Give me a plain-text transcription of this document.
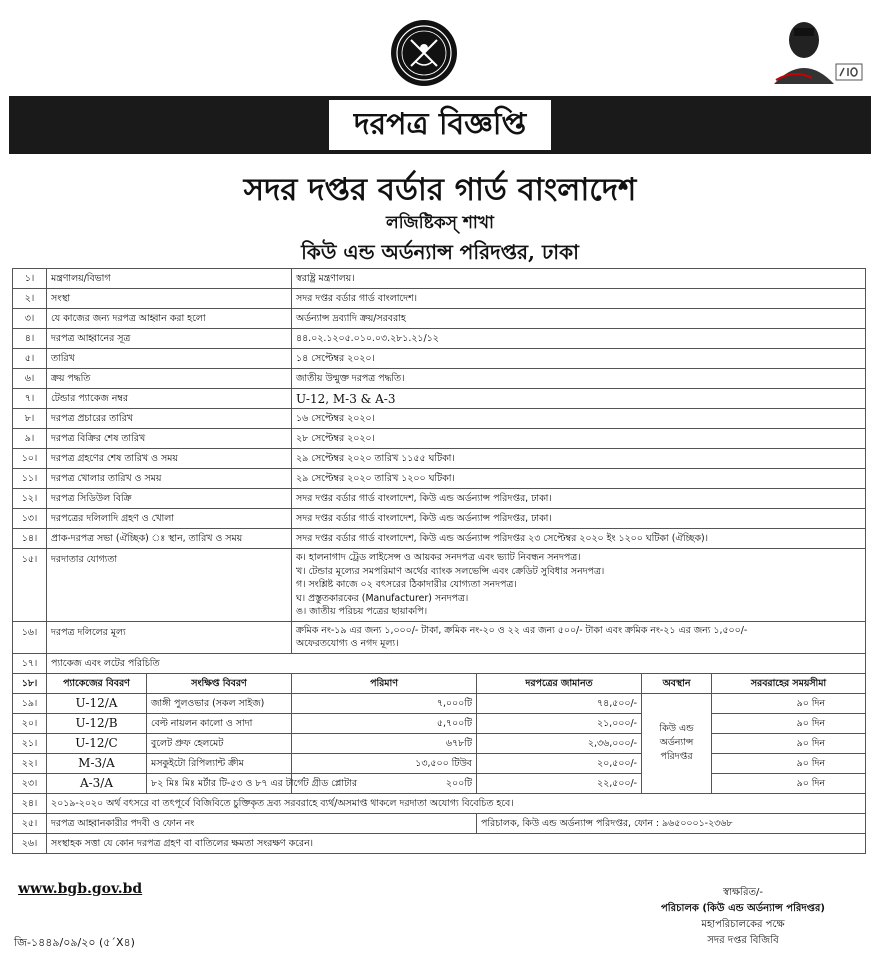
দরপত্র বিজ্ঞপ্তি
সদর দপ্তর বর্ডার গার্ড বাংলাদেশ
লজিষ্টিকস্ শাখা
কিউ এন্ড অর্ডন্যান্স পরিদপ্তর, ঢাকা
১।	মন্ত্রণালয়/বিভাগ		স্বরাষ্ট্র মন্ত্রণালয়।			
২।	সংস্থা		সদর দপ্তর বর্ডার গার্ড বাংলাদেশ।			
৩।	যে কাজের জন্য দরপত্র আহ্বান করা হলো		অর্ডন্যান্স দ্রব্যাদি ক্রয়/সরবরাহ			
৪।	দরপত্র আহ্বানের সূত্র		৪৪.০২.১২০৫.০১০.০৩.২৮১.২১/১২			
৫।	তারিখ		১৪ সেপ্টেম্বর ২০২০।			
৬।	ক্রয় পদ্ধতি		জাতীয় উন্মুক্ত দরপত্র পদ্ধতি।			
৭।	টেন্ডার প্যাকেজ নম্বর		U-12, M-3 & A-3			
৮।	দরপত্র প্রচারের তারিখ		১৬ সেপ্টেম্বর ২০২০।			
৯।	দরপত্র বিক্রির শেষ তারিখ		২৮ সেপ্টেম্বর ২০২০।			
১০।	দরপত্র গ্রহণের শেষ তারিখ ও সময়		২৯ সেপ্টেম্বর ২০২০ তারিখ ১১৫৫ ঘটিকা।			
১১।	দরপত্র খোলার তারিখ ও সময়		২৯ সেপ্টেম্বর ২০২০ তারিখ ১২০০ ঘটিকা।			
১২।	দরপত্র সিডিউল বিক্রি		সদর দপ্তর বর্ডার গার্ড বাংলাদেশ, কিউ এন্ড অর্ডন্যান্স পরিদপ্তর, ঢাকা।			
১৩।	দরপত্রের দলিলাদি গ্রহণ ও খোলা		সদর দপ্তর বর্ডার গার্ড বাংলাদেশ, কিউ এন্ড অর্ডন্যান্স পরিদপ্তর, ঢাকা।			
১৪।	প্রাক-দরপত্র সভা (ঐচ্ছিক) ঃ স্থান, তারিখ ও সময়		সদর দপ্তর বর্ডার গার্ড বাংলাদেশ, কিউ এন্ড অর্ডন্যান্স পরিদপ্তর ২৩ সেপ্টেম্বর ২০২০ ইং ১২০০ ঘটিকা (ঐচ্ছিক)।			
১৫।	দরদাতার যোগ্যতা		ক। হালনাগাদ ট্রেড লাইসেন্স ও আয়কর সনদপত্র এবং ভ্যাট নিবন্ধন সনদপত্র।
খ। টেন্ডার মূল্যের সমপরিমাণ অর্থের ব্যাংক সলভেন্সি এবং ক্রেডিট সুবিধার সনদপত্র।
গ। সংশ্লিষ্ট কাজে ০২ বৎসরের ঠিকাদারীর যোগ্যতা সনদপত্র।
ঘ। প্রস্তুতকারকের (Manufacturer) সনদপত্র।
ঙ। জাতীয় পরিচয় পত্রের ছায়াকপি।			

১৬।	দরপত্র দলিলের মূল্য		ক্রমিক নং-১৯ এর জন্য ১,০০০/- টাকা, ক্রমিক নং-২০ ও ২২ এর জন্য ৫০০/- টাকা এবং ক্রমিক নং-২১ এর জন্য ১,৫০০/-
অফেরতযোগ্য ও নগদ মূল্য।			

১৭।	প্যাকেজ এবং লটের পরিচিতি					
১৮।	প্যাকেজের বিবরণ	সংক্ষিপ্ত বিবরণ	পরিমাণ	দরপত্রের জামানত	অবস্থান	সরবরাহের সময়সীমা
১৯।	U-12/A	জাঙ্গী পুলওভার (সকল সাইজ)	৭,০০০টি	৭৪,৫০০/-	কিউ এন্ড অর্ডন্যান্স পরিদপ্তর	৯০ দিন
২০।	U-12/B	বেল্ট নায়লন কালো ও সাদা	৫,৭০০টি	২১,০০০/-		৯০ দিন
২১।	U-12/C	বুলেট প্রুফ হেলমেট	৬৭৮টি	২,৩৬,০০০/-		৯০ দিন
২২।	M-3/A	মসকুইটো রিপিল্যান্ট ক্রীম	১৩,৫০০ টিউব	২০,৫০০/-		৯০ দিন
২৩।	A-3/A	৮২ মিঃ মিঃ মর্টার টি-৫৩ ও ৮৭ এর টার্গেট গ্রীড প্লোটার	২০০টি	২২,৫০০/-		৯০ দিন
২৪।	২০১৯-২০২০ অর্থ বৎসরে বা তৎপূর্বে বিজিবিতে চুক্তিকৃত দ্রব্য সরবরাহে ব্যর্থ/অসমাপ্ত থাকলে দরদাতা অযোগ্য বিবেচিত হবে।					
২৫।	দরপত্র আহ্বানকারীর পদবী ও ফোন নং			পরিচালক, কিউ এন্ড অর্ডন্যান্স পরিদপ্তর, ফোন : ৯৬৫০০০১-২৩৬৮		
২৬।	সংস্থাহক সত্তা যে কোন দরপত্র গ্রহণ বা বাতিলের ক্ষমতা সংরক্ষণ করেন।					
www.bgb.gov.bd
জি-১৪৪৯/০৯/২০ (৫´X৪)
স্বাক্ষরিত/-
পরিচালক (কিউ এন্ড অর্ডন্যান্স পরিদপ্তর)
মহাপরিচালকের পক্ষে
সদর দপ্তর বিজিবি
